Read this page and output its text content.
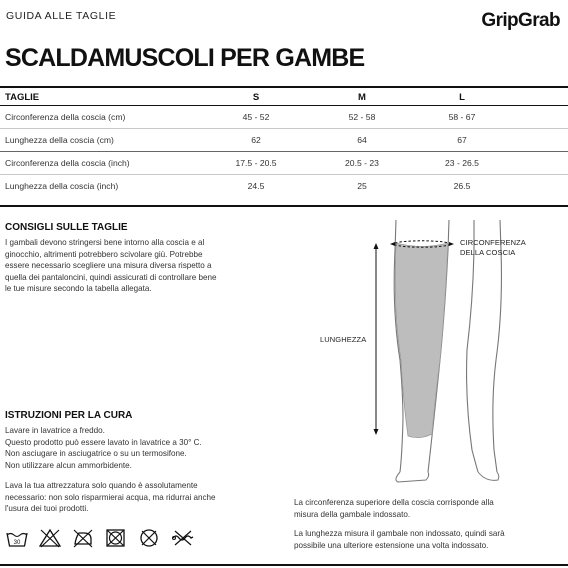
GUIDA ALLE TAGLIE	GripGrab
SCALDAMUSCOLI PER GAMBE
TAGLIE	S	M	L	
Circonferenza della coscia (cm)	45 - 52	52 - 58	58 - 67	
Lunghezza della coscia (cm)	62	64	67	
Circonferenza della coscia (inch)	17.5 - 20.5	20.5 - 23	23 - 26.5	
Lunghezza della coscia (inch)	24.5	25	26.5	
CONSIGLI SULLE TAGLIE
I gambali devono stringersi bene intorno alla coscia e al
ginocchio, altrimenti potrebbero scivolare giù. Potrebbe
essere necessario scegliere una misura diversa rispetto a
quella dei pantaloncini, quindi assicurati di controllare bene
le tue misure secondo la tabella allegata.
ISTRUZIONI PER LA CURA
Lavare in lavatrice a freddo.
Questo prodotto può essere lavato in lavatrice a 30° C.
Non asciugare in asciugatrice o su un termosifone.
Non utilizzare alcun ammorbidente.
Lava la tua attrezzatura solo quando è assolutamente
necessario: non solo risparmierai acqua, ma ridurrai anche
l'usura dei tuoi prodotti.
30
CIRCONFERENZA
DELLA COSCIA
LUNGHEZZA
La circonferenza superiore della coscia corrisponde alla
misura della gambale indossato.
La lunghezza misura il gambale non indossato, quindi sarà
possibile una ulteriore estensione una volta indossato.
